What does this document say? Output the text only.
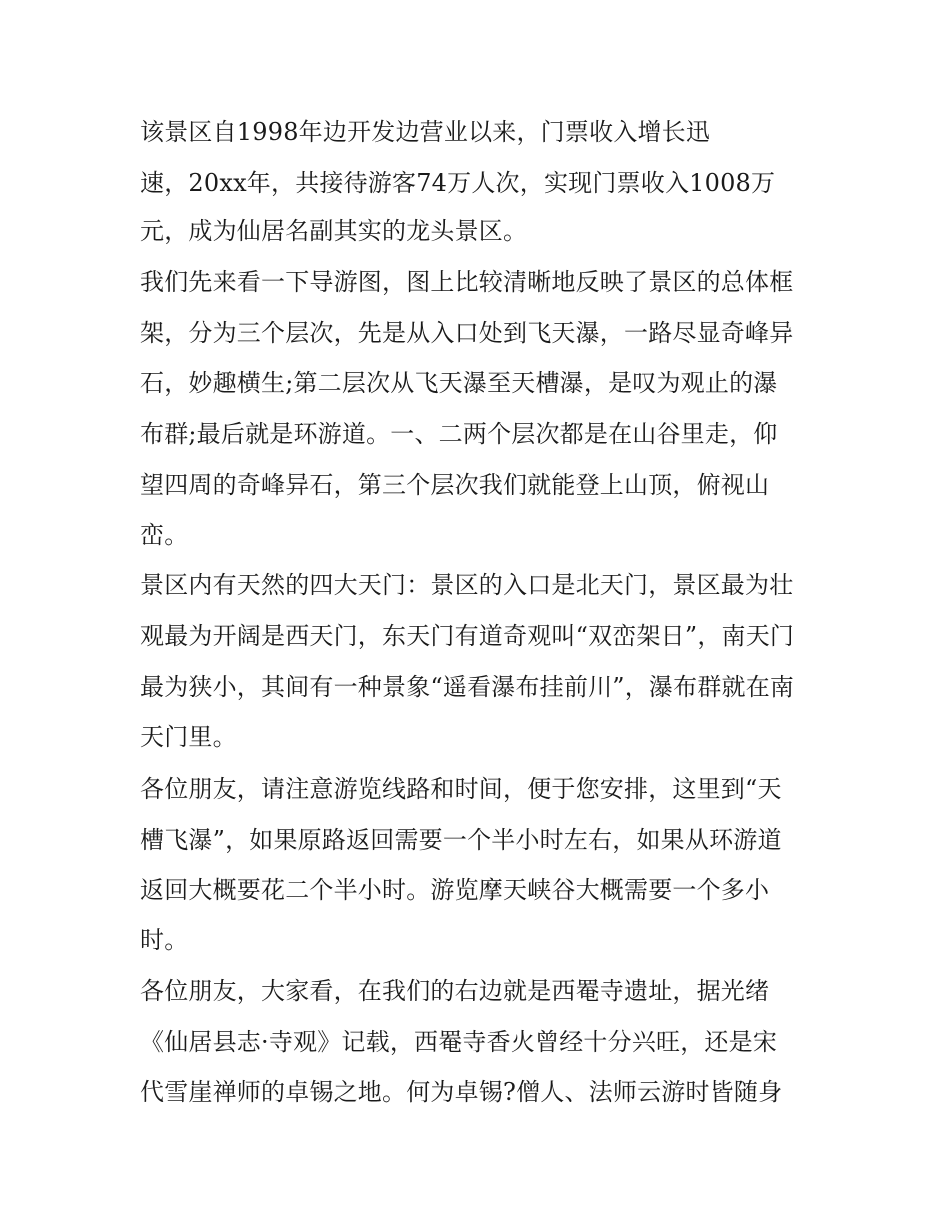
该景区自1998年边开发边营业以来，门票收入增长迅
速，20xx年，共接待游客74万人次，实现门票收入1008万
元，成为仙居名副其实的龙头景区。
我们先来看一下导游图，图上比较清晰地反映了景区的总体框
架，分为三个层次，先是从入口处到飞天瀑，一路尽显奇峰异
石，妙趣横生;第二层次从飞天瀑至天槽瀑，是叹为观止的瀑
布群;最后就是环游道。一、二两个层次都是在山谷里走，仰
望四周的奇峰异石，第三个层次我们就能登上山顶，俯视山
峦。
景区内有天然的四大天门：景区的入口是北天门，景区最为壮
观最为开阔是西天门，东天门有道奇观叫“双峦架日”，南天门
最为狭小，其间有一种景象“遥看瀑布挂前川”，瀑布群就在南
天门里。
各位朋友，请注意游览线路和时间，便于您安排，这里到“天
槽飞瀑”，如果原路返回需要一个半小时左右，如果从环游道
返回大概要花二个半小时。游览摩天峡谷大概需要一个多小
时。
各位朋友，大家看，在我们的右边就是西罨寺遗址，据光绪
《仙居县志·寺观》记载，西罨寺香火曾经十分兴旺，还是宋
代雪崖禅师的卓锡之地。何为卓锡?僧人、法师云游时皆随身
